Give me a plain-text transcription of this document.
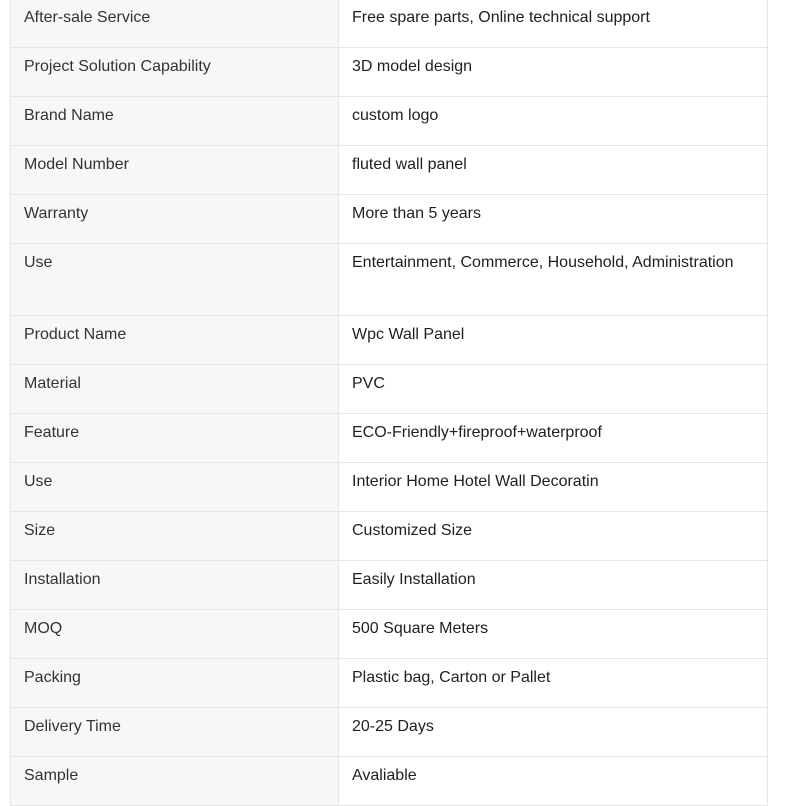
After-sale Service	Free spare parts, Online technical support
Project Solution Capability	3D model design
Brand Name	custom logo
Model Number	fluted wall panel
Warranty	More than 5 years
Use	Entertainment, Commerce, Household, Administration
Product Name	Wpc Wall Panel
Material	PVC
Feature	ECO-Friendly+fireproof+waterproof
Use	Interior Home Hotel Wall Decoratin
Size	Customized Size
Installation	Easily Installation
MOQ	500 Square Meters
Packing	Plastic bag, Carton or Pallet
Delivery Time	20-25 Days
Sample	Avaliable
